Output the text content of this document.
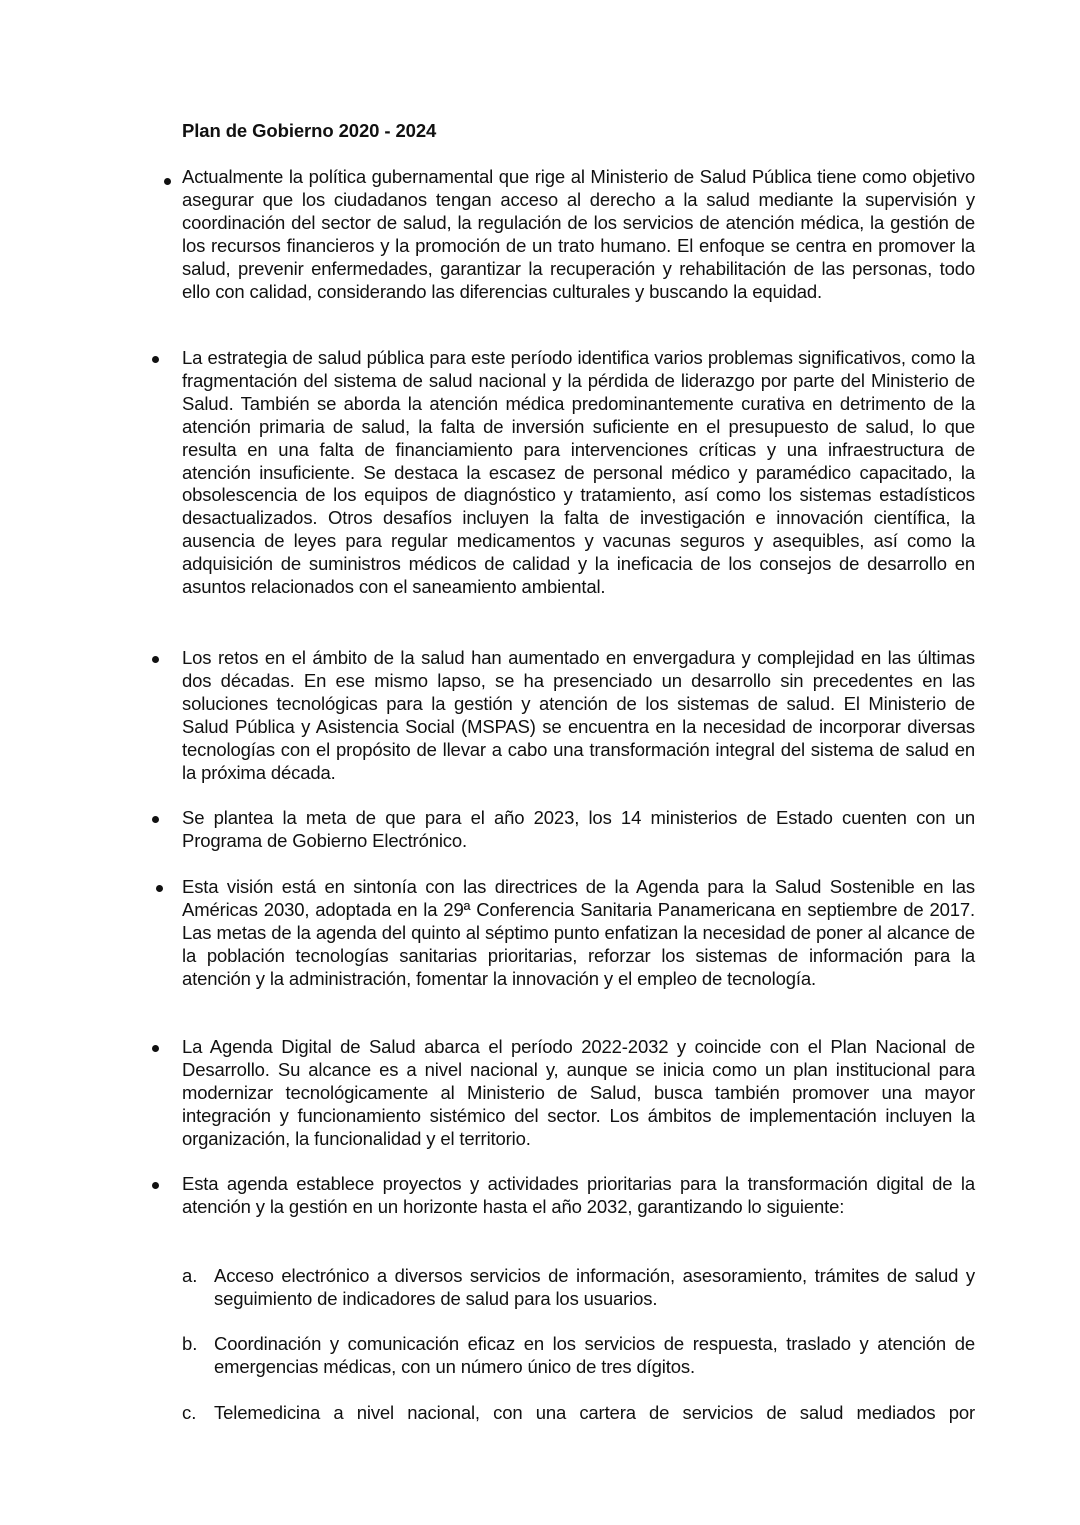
Plan de Gobierno 2020 - 2024
Actualmente la política gubernamental que rige al Ministerio de Salud Pública tiene como objetivo asegurar que los ciudadanos tengan acceso al derecho a la salud mediante la supervisión y coordinación del sector de salud, la regulación de los servicios de atención médica, la gestión de los recursos financieros y la promoción de un trato humano. El enfoque se centra en promover la salud, prevenir enfermedades, garantizar la recuperación y rehabilitación de las personas, todo ello con calidad, considerando las diferencias culturales y buscando la equidad.
La estrategia de salud pública para este período identifica varios problemas significativos, como la fragmentación del sistema de salud nacional y la pérdida de liderazgo por parte del Ministerio de Salud. También se aborda la atención médica predominantemente curativa en detrimento de la atención primaria de salud, la falta de inversión suficiente en el presupuesto de salud, lo que resulta en una falta de financiamiento para intervenciones críticas y una infraestructura de atención insuficiente. Se destaca la escasez de personal médico y paramédico capacitado, la obsolescencia de los equipos de diagnóstico y tratamiento, así como los sistemas estadísticos desactualizados. Otros desafíos incluyen la falta de investigación e innovación científica, la ausencia de leyes para regular medicamentos y vacunas seguros y asequibles, así como la adquisición de suministros médicos de calidad y la ineficacia de los consejos de desarrollo en asuntos relacionados con el saneamiento ambiental.
Los retos en el ámbito de la salud han aumentado en envergadura y complejidad en las últimas dos décadas. En ese mismo lapso, se ha presenciado un desarrollo sin precedentes en las soluciones tecnológicas para la gestión y atención de los sistemas de salud. El Ministerio de Salud Pública y Asistencia Social (MSPAS) se encuentra en la necesidad de incorporar diversas tecnologías con el propósito de llevar a cabo una transformación integral del sistema de salud en la próxima década.
Se plantea la meta de que para el año 2023, los 14 ministerios de Estado cuenten con un Programa de Gobierno Electrónico.
Esta visión está en sintonía con las directrices de la Agenda para la Salud Sostenible en las Américas 2030, adoptada en la 29ª Conferencia Sanitaria Panamericana en septiembre de 2017. Las metas de la agenda del quinto al séptimo punto enfatizan la necesidad de poner al alcance de la población tecnologías sanitarias prioritarias, reforzar los sistemas de información para la atención y la administración, fomentar la innovación y el empleo de tecnología.
La Agenda Digital de Salud abarca el período 2022-2032 y coincide con el Plan Nacional de Desarrollo. Su alcance es a nivel nacional y, aunque se inicia como un plan institucional para modernizar tecnológicamente al Ministerio de Salud, busca también promover una mayor integración y funcionamiento sistémico del sector. Los ámbitos de implementación incluyen la organización, la funcionalidad y el territorio.
Esta agenda establece proyectos y actividades prioritarias para la transformación digital de la atención y la gestión en un horizonte hasta el año 2032, garantizando lo siguiente:
a. Acceso electrónico a diversos servicios de información, asesoramiento, trámites de salud y seguimiento de indicadores de salud para los usuarios.
b. Coordinación y comunicación eficaz en los servicios de respuesta, traslado y atención de emergencias médicas, con un número único de tres dígitos.
c. Telemedicina a nivel nacional, con una cartera de servicios de salud mediados por
